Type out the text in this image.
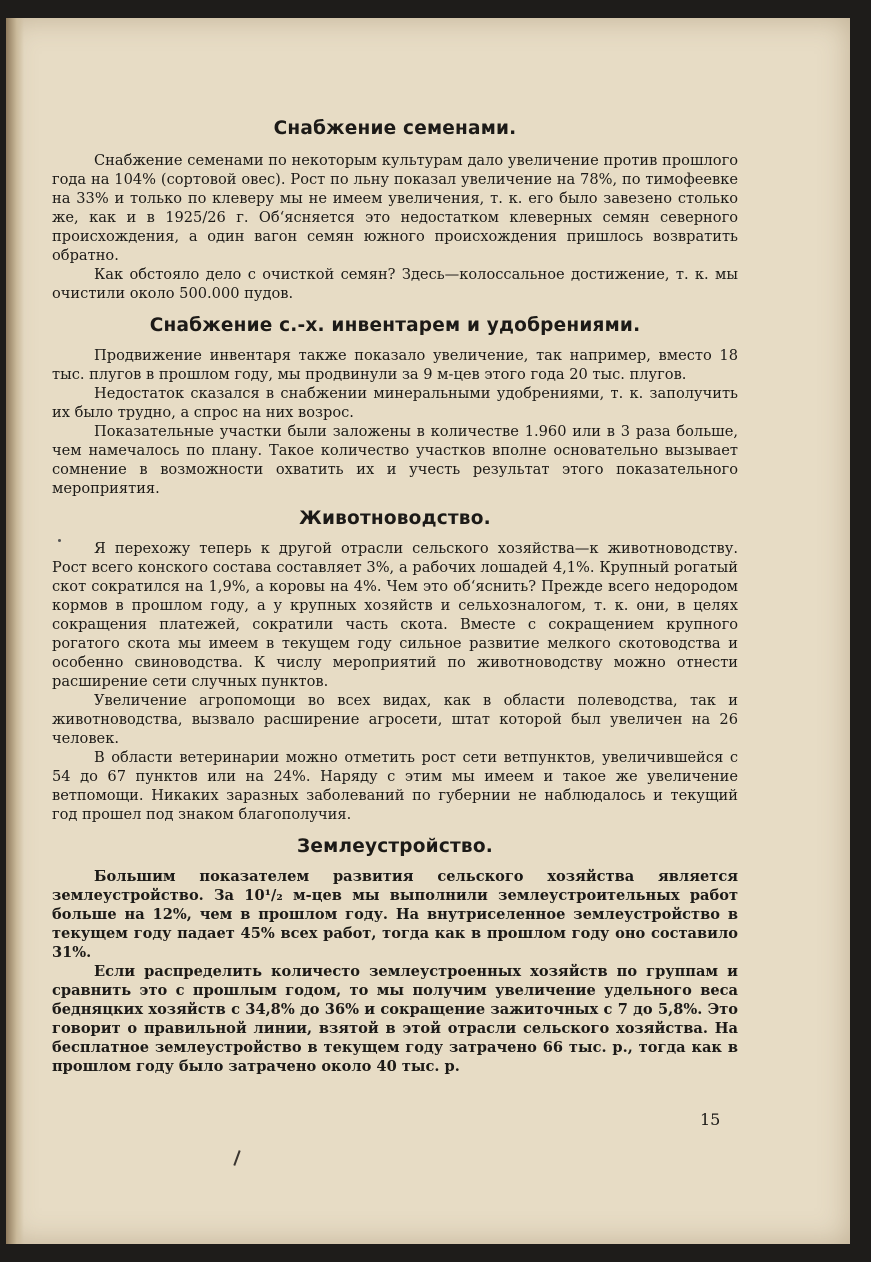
Снабжение семенами.

Снабжение семенами по некоторым культурам дало увеличение против прошлого года на 104% (сортовой овес). Рост по льну показал увеличение на 78%, по тимофеевке на 33% и только по клеверу мы не имеем увеличения, т. к. его было завезено столько же, как и в 1925/26 г. Об‘ясняется это недостатком клеверных семян северного происхождения, а один вагон семян южного происхождения пришлось возвратить обратно.

Как обстояло дело с очисткой семян? Здесь—колоссальное достижение, т. к. мы очистили около 500.000 пудов.

Снабжение с.-х. инвентарем и удобрениями.

Продвижение инвентаря также показало увеличение, так например, вместо 18 тыс. плугов в прошлом году, мы продвинули за 9 м-цев этого года 20 тыс. плугов.

Недостаток сказался в снабжении минеральными удобрениями, т. к. заполучить их было трудно, а спрос на них возрос.

Показательные участки были заложены в количестве 1.960 или в 3 раза больше, чем намечалось по плану. Такое количество участков вполне основательно вызывает сомнение в возможности охватить их и учесть результат этого показательного мероприятия.

Животноводство.

Я перехожу теперь к другой отрасли сельского хозяйства—к животноводству. Рост всего конского состава составляет 3%, а рабочих лошадей 4,1%. Крупный рогатый скот сократился на 1,9%, а коровы на 4%. Чем это об‘яснить? Прежде всего недородом кормов в прошлом году, а у крупных хозяйств и сельхозналогом, т. к. они, в целях сокращения платежей, сократили часть скота. Вместе с сокращением крупного рогатого скота мы имеем в текущем году сильное развитие мелкого скотоводства и особенно свиноводства. К числу мероприятий по животноводству можно отнести расширение сети случных пунктов.

Увеличение агропомощи во всех видах, как в области полеводства, так и животноводства, вызвало расширение агросети, штат которой был увеличен на 26 человек.

В области ветеринарии можно отметить рост сети ветпунктов, увеличившейся с 54 до 67 пунктов или на 24%. Наряду с этим мы имеем и такое же увеличение ветпомощи. Никаких заразных заболеваний по губернии не наблюдалось и текущий год прошел под знаком благополучия.

Землеустройство.

Большим показателем развития сельского хозяйства является землеустройство. За 10¹/₂ м-цев мы выполнили землеустроительных работ больше на 12%, чем в прошлом году. На внутриселенное землеустройство в текущем году падает 45% всех работ, тогда как в прошлом году оно составило 31%.

Если распределить количесто землеустроенных хозяйств по группам и сравнить это с прошлым годом, то мы получим увеличение удельного веса бедняцких хозяйств с 34,8% до 36% и сокращение зажиточных с 7 до 5,8%. Это говорит о правильной линии, взятой в этой отрасли сельского хозяйства. На бесплатное землеустройство в текущем году затрачено 66 тыс. р., тогда как в прошлом году было затрачено около 40 тыс. р.

15
